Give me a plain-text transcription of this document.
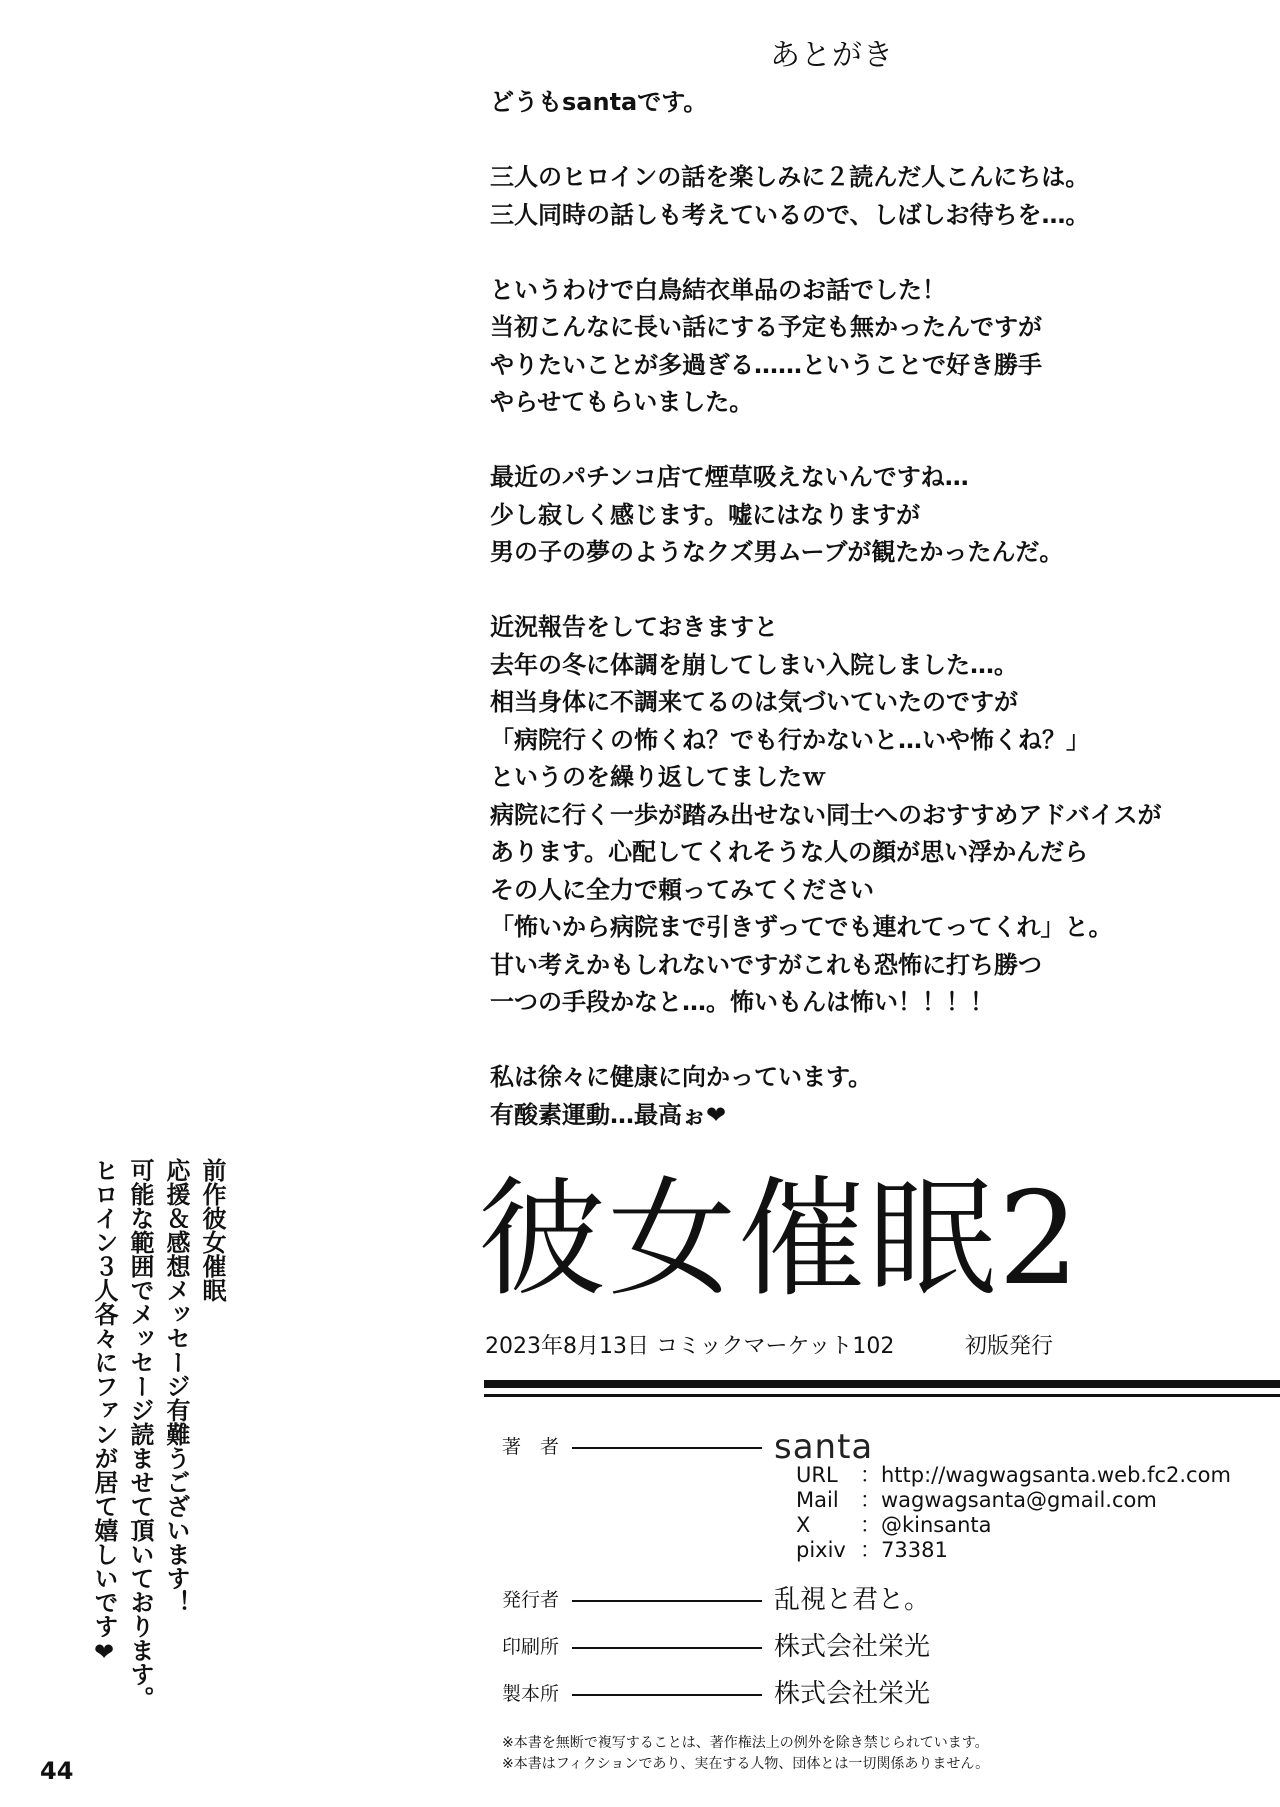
あとがき
どうもsantaです。
三人のヒロインの話を楽しみに２読んだ人こんにちは。
三人同時の話しも考えているので、しばしお待ちを…。
というわけで白鳥結衣単品のお話でした！
当初こんなに長い話にする予定も無かったんですが
やりたいことが多過ぎる……ということで好き勝手
やらせてもらいました。
最近のパチンコ店て煙草吸えないんですね…
少し寂しく感じます。嘘にはなりますが
男の子の夢のようなクズ男ムーブが観たかったんだ。
近況報告をしておきますと
去年の冬に体調を崩してしまい入院しました…。
相当身体に不調来てるのは気づいていたのですが
「病院行くの怖くね？でも行かないと…いや怖くね？」
というのを繰り返してましたｗ
病院に行く一歩が踏み出せない同士へのおすすめアドバイスが
あります。心配してくれそうな人の顔が思い浮かんだら
その人に全力で頼ってみてください
「怖いから病院まで引きずってでも連れてってくれ」と。
甘い考えかもしれないですがこれも恐怖に打ち勝つ
一つの手段かなと…。怖いもんは怖い！！！！
私は徐々に健康に向かっています。
有酸素運動…最高ぉ❤
前作彼女催眠
応援＆感想メッセージ有難うございます！
可能な範囲でメッセージ読ませて頂いております。
ヒロイン３人各々にファンが居て嬉しいです❤	彼女催眠2
2023年8月13日 コミックマーケット102	初版発行
著　者	santa
URL ：http://wagwagsanta.web.fc2.com
Mail ：wagwagsanta@gmail.com
X ：@kinsanta
pixiv ：73381
発行者	乱視と君と。
印刷所	株式会社栄光
製本所	株式会社栄光
※本書を無断で複写することは、著作権法上の例外を除き禁じられています。
※本書はフィクションであり、実在する人物、団体とは一切関係ありません。
44
